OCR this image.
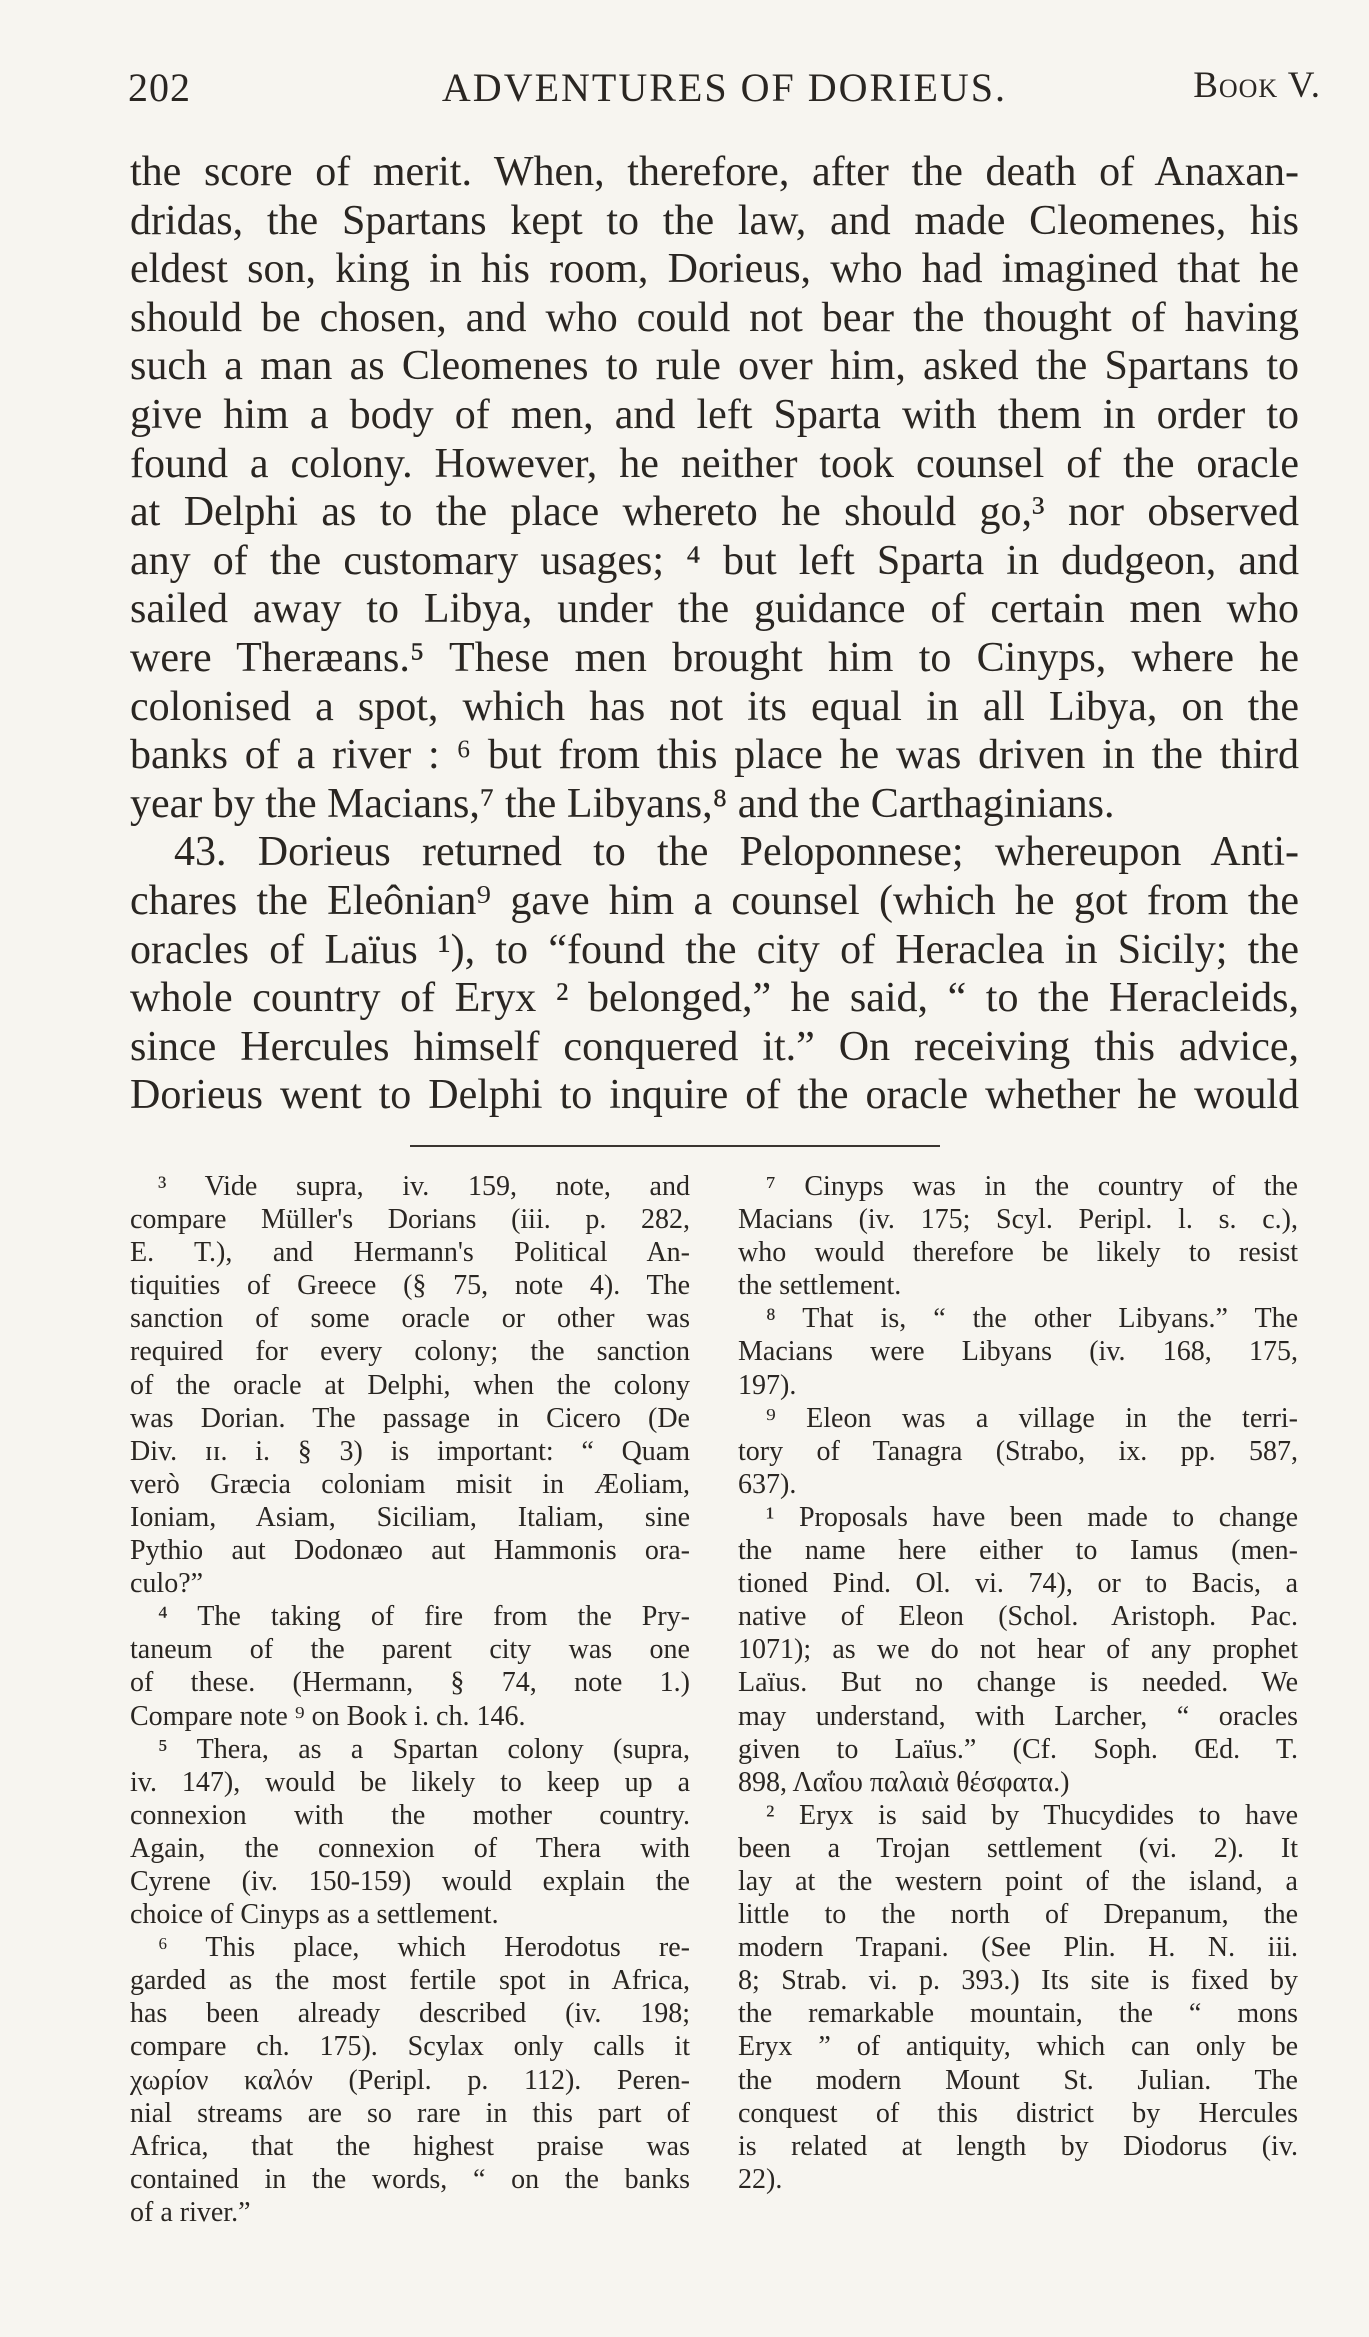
202	ADVENTURES OF DORIEUS.	Book V.
the score of merit. When, therefore, after the death of Anaxan-
dridas, the Spartans kept to the law, and made Cleomenes, his
eldest son, king in his room, Dorieus, who had imagined that he
should be chosen, and who could not bear the thought of having
such a man as Cleomenes to rule over him, asked the Spartans to
give him a body of men, and left Sparta with them in order to
found a colony. However, he neither took counsel of the oracle
at Delphi as to the place whereto he should go,³ nor observed
any of the customary usages; ⁴ but left Sparta in dudgeon, and
sailed away to Libya, under the guidance of certain men who
were Theræans.⁵ These men brought him to Cinyps, where he
colonised a spot, which has not its equal in all Libya, on the
banks of a river : ⁶ but from this place he was driven in the third
year by the Macians,⁷ the Libyans,⁸ and the Carthaginians.
43. Dorieus returned to the Peloponnese; whereupon Anti-
chares the Eleônian⁹ gave him a counsel (which he got from the
oracles of Laïus ¹), to “found the city of Heraclea in Sicily; the
whole country of Eryx ² belonged,” he said, “ to the Heracleids,
since Hercules himself conquered it.” On receiving this advice,
Dorieus went to Delphi to inquire of the oracle whether he would
³ Vide supra, iv. 159, note, and
compare Müller's Dorians (iii. p. 282,
E. T.), and Hermann's Political An-
tiquities of Greece (§ 75, note 4). The
sanction of some oracle or other was
required for every colony; the sanction
of the oracle at Delphi, when the colony
was Dorian. The passage in Cicero (De
Div. ɪɪ. i. § 3) is important: “ Quam
verò Græcia coloniam misit in Æoliam,
Ioniam, Asiam, Siciliam, Italiam, sine
Pythio aut Dodonæo aut Hammonis ora-
culo?”
⁴ The taking of fire from the Pry-
taneum of the parent city was one
of these. (Hermann, § 74, note 1.)
Compare note ⁹ on Book i. ch. 146.
⁵ Thera, as a Spartan colony (supra,
iv. 147), would be likely to keep up a
connexion with the mother country.
Again, the connexion of Thera with
Cyrene (iv. 150-159) would explain the
choice of Cinyps as a settlement.
⁶ This place, which Herodotus re-
garded as the most fertile spot in Africa,
has been already described (iv. 198;
compare ch. 175). Scylax only calls it
χωρίον καλόν (Peripl. p. 112). Peren-
nial streams are so rare in this part of
Africa, that the highest praise was
contained in the words, “ on the banks
of a river.”
⁷ Cinyps was in the country of the
Macians (iv. 175; Scyl. Peripl. l. s. c.),
who would therefore be likely to resist
the settlement.
⁸ That is, “ the other Libyans.” The
Macians were Libyans (iv. 168, 175,
197).
⁹ Eleon was a village in the terri-
tory of Tanagra (Strabo, ix. pp. 587,
637).
¹ Proposals have been made to change
the name here either to Iamus (men-
tioned Pind. Ol. vi. 74), or to Bacis, a
native of Eleon (Schol. Aristoph. Pac.
1071); as we do not hear of any prophet
Laïus. But no change is needed. We
may understand, with Larcher, “ oracles
given to Laïus.” (Cf. Soph. Œd. T.
898, Λαΐου παλαιὰ θέσφατα.)
² Eryx is said by Thucydides to have
been a Trojan settlement (vi. 2). It
lay at the western point of the island, a
little to the north of Drepanum, the
modern Trapani. (See Plin. H. N. iii.
8; Strab. vi. p. 393.) Its site is fixed by
the remarkable mountain, the “ mons
Eryx ” of antiquity, which can only be
the modern Mount St. Julian. The
conquest of this district by Hercules
is related at length by Diodorus (iv.
22).
